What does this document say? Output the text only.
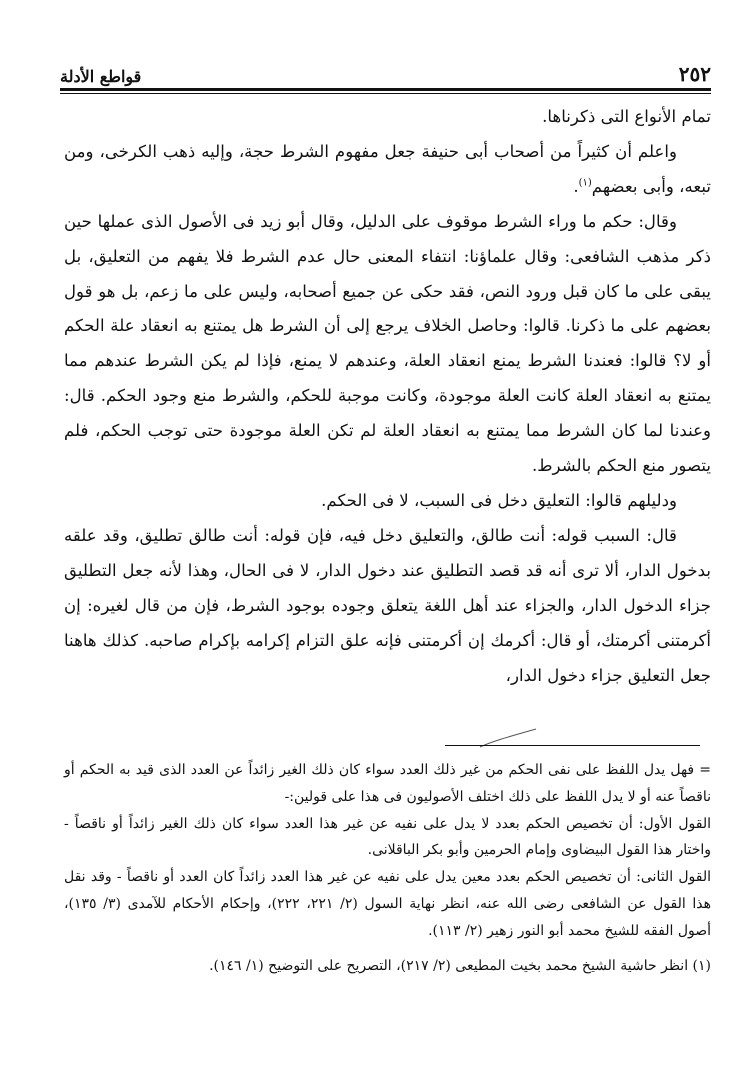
٢٥٢
قواطع الأدلة

تمام الأنواع التى ذكرناها.

واعلم أن كثيراً من أصحاب أبى حنيفة جعل مفهوم الشرط حجة، وإليه ذهب الكرخى، ومن تبعه، وأبى بعضهم$^{(١)}$.

وقال: حكم ما وراء الشرط موقوف على الدليل، وقال أبو زيد فى الأصول الذى عملها حين ذكر مذهب الشافعى: وقال علماؤنا: انتفاء المعنى حال عدم الشرط فلا يفهم من التعليق، بل يبقى على ما كان قبل ورود النص، فقد حكى عن جميع أصحابه، وليس على ما زعم، بل هو قول بعضهم على ما ذكرنا. قالوا: وحاصل الخلاف يرجع إلى أن الشرط هل يمتنع به انعقاد علة الحكم أو لا؟ قالوا: فعندنا الشرط يمنع انعقاد العلة، وعندهم لا يمنع، فإذا لم يكن الشرط عندهم مما يمتنع به انعقاد العلة كانت العلة موجودة، وكانت موجبة للحكم، والشرط منع وجود الحكم. قال: وعندنا لما كان الشرط مما يمتنع به انعقاد العلة لم تكن العلة موجودة حتى توجب الحكم، فلم يتصور منع الحكم بالشرط.

ودليلهم قالوا: التعليق دخل فى السبب، لا فى الحكم.

قال: السبب قوله: أنت طالق، والتعليق دخل فيه، فإن قوله: أنت طالق تطليق، وقد علقه بدخول الدار، ألا ترى أنه قد قصد التطليق عند دخول الدار، لا فى الحال، وهذا لأنه جعل التطليق جزاء الدخول الدار، والجزاء عند أهل اللغة يتعلق وجوده بوجود الشرط، فإن من قال لغيره: إن أكرمتنى أكرمتك، أو قال: أكرمك إن أكرمتنى فإنه علق التزام إكرامه بإكرام صاحبه. كذلك هاهنا جعل التعليق جزاء دخول الدار،

= فهل يدل اللفظ على نفى الحكم من غير ذلك العدد سواء كان ذلك الغير زائداً عن العدد الذى قيد به الحكم أو ناقصاً عنه أو لا يدل اللفظ على ذلك اختلف الأصوليون فى هذا على قولين:-

القول الأول: أن تخصيص الحكم بعدد لا يدل على نفيه عن غير هذا العدد سواء كان ذلك الغير زائداً أو ناقصاً - واختار هذا القول البيضاوى وإمام الحرمين وأبو بكر الباقلانى.

القول الثانى: أن تخصيص الحكم بعدد معين يدل على نفيه عن غير هذا العدد زائداً كان العدد أو ناقصاً - وقد نقل هذا القول عن الشافعى رضى الله عنه، انظر نهاية السول (٢/ ٢٢١، ٢٢٢)، وإحكام الأحكام للآمدى (٣/ ١٣٥)، أصول الفقه للشيخ محمد أبو النور زهير (٢/ ١١٣).

(١) انظر حاشية الشيخ محمد بخيت المطيعى (٢/ ٢١٧)، التصريح على التوضيح (١/ ١٤٦).
